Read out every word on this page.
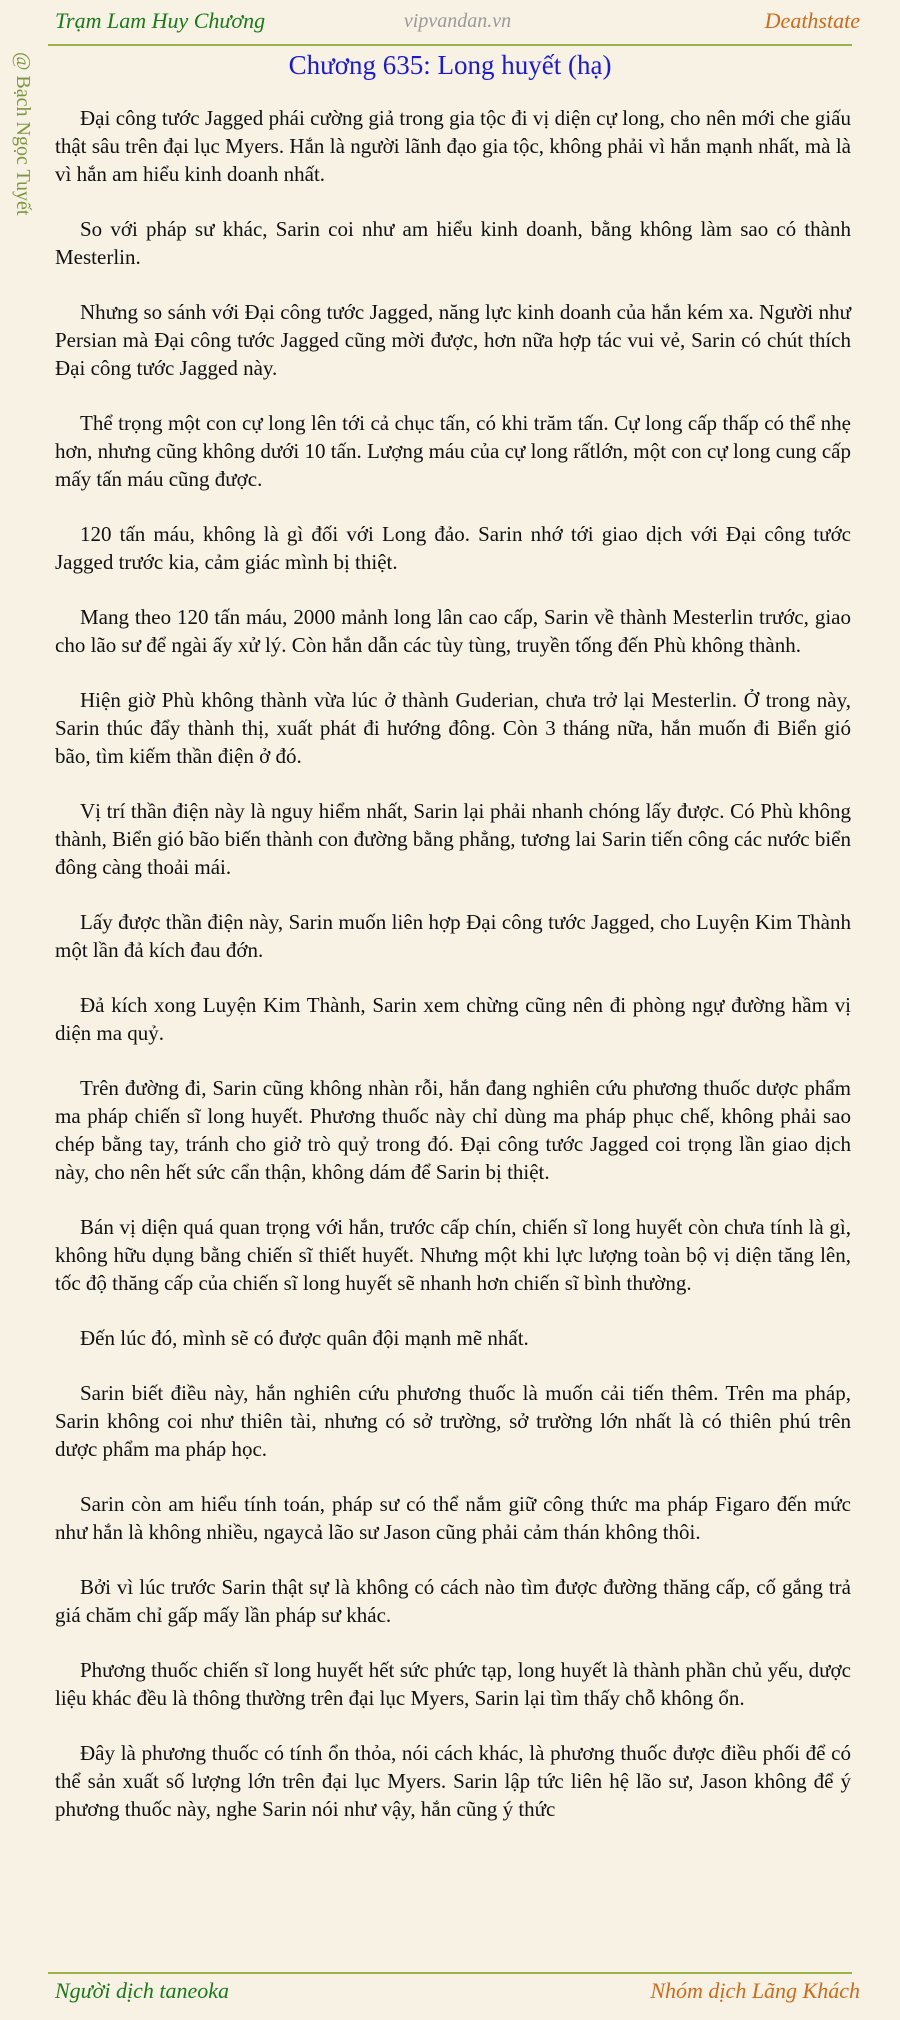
Trạm Lam Huy Chương	vipvandan.vn	Deathstate
Chương 635: Long huyết (hạ)

Đại công tước Jagged phái cường giả trong gia tộc đi vị diện cự long, cho nên mới che giấu thật sâu trên đại lục Myers. Hắn là người lãnh đạo gia tộc, không phải vì hắn mạnh nhất, mà là vì hắn am hiểu kinh doanh nhất.

So với pháp sư khác, Sarin coi như am hiểu kinh doanh, bằng không làm sao có thành Mesterlin.

Nhưng so sánh với Đại công tước Jagged, năng lực kinh doanh của hắn kém xa. Người như Persian mà Đại công tước Jagged cũng mời được, hơn nữa hợp tác vui vẻ, Sarin có chút thích Đại công tước Jagged này.

Thể trọng một con cự long lên tới cả chục tấn, có khi trăm tấn. Cự long cấp thấp có thể nhẹ hơn, nhưng cũng không dưới 10 tấn. Lượng máu của cự long rấtlớn, một con cự long cung cấp mấy tấn máu cũng được.

120 tấn máu, không là gì đối với Long đảo. Sarin nhớ tới giao dịch với Đại công tước Jagged trước kia, cảm giác mình bị thiệt.

Mang theo 120 tấn máu, 2000 mảnh long lân cao cấp, Sarin về thành Mesterlin trước, giao cho lão sư để ngài ấy xử lý. Còn hắn dẫn các tùy tùng, truyền tống đến Phù không thành.

Hiện giờ Phù không thành vừa lúc ở thành Guderian, chưa trở lại Mesterlin. Ở trong này, Sarin thúc đẩy thành thị, xuất phát đi hướng đông. Còn 3 tháng nữa, hắn muốn đi Biển gió bão, tìm kiếm thần điện ở đó.

Vị trí thần điện này là nguy hiểm nhất, Sarin lại phải nhanh chóng lấy được. Có Phù không thành, Biển gió bão biến thành con đường bằng phẳng, tương lai Sarin tiến công các nước biển đông càng thoải mái.

Lấy được thần điện này, Sarin muốn liên hợp Đại công tước Jagged, cho Luyện Kim Thành một lần đả kích đau đớn.

Đả kích xong Luyện Kim Thành, Sarin xem chừng cũng nên đi phòng ngự đường hầm vị diện ma quỷ.

Trên đường đi, Sarin cũng không nhàn rỗi, hắn đang nghiên cứu phương thuốc dược phẩm ma pháp chiến sĩ long huyết. Phương thuốc này chỉ dùng ma pháp phục chế, không phải sao chép bằng tay, tránh cho giở trò quỷ trong đó. Đại công tước Jagged coi trọng lần giao dịch này, cho nên hết sức cẩn thận, không dám để Sarin bị thiệt.

Bán vị diện quá quan trọng với hắn, trước cấp chín, chiến sĩ long huyết còn chưa tính là gì, không hữu dụng bằng chiến sĩ thiết huyết. Nhưng một khi lực lượng toàn bộ vị diện tăng lên, tốc độ thăng cấp của chiến sĩ long huyết sẽ nhanh hơn chiến sĩ bình thường.

Đến lúc đó, mình sẽ có được quân đội mạnh mẽ nhất.

Sarin biết điều này, hắn nghiên cứu phương thuốc là muốn cải tiến thêm. Trên ma pháp, Sarin không coi như thiên tài, nhưng có sở trường, sở trường lớn nhất là có thiên phú trên dược phẩm ma pháp học.

Sarin còn am hiểu tính toán, pháp sư có thể nắm giữ công thức ma pháp Figaro đến mức như hắn là không nhiều, ngaycả lão sư Jason cũng phải cảm thán không thôi.

Bởi vì lúc trước Sarin thật sự là không có cách nào tìm được đường thăng cấp, cố gắng trả giá chăm chỉ gấp mấy lần pháp sư khác.

Phương thuốc chiến sĩ long huyết hết sức phức tạp, long huyết là thành phần chủ yếu, dược liệu khác đều là thông thường trên đại lục Myers, Sarin lại tìm thấy chỗ không ổn.

Đây là phương thuốc có tính ổn thỏa, nói cách khác, là phương thuốc được điều phối để có thể sản xuất số lượng lớn trên đại lục Myers. Sarin lập tức liên hệ lão sư, Jason không để ý phương thuốc này, nghe Sarin nói như vậy, hắn cũng ý thức

Người dịch taneoka	Nhóm dịch Lãng Khách
@ Bạch Ngọc Tuyết
